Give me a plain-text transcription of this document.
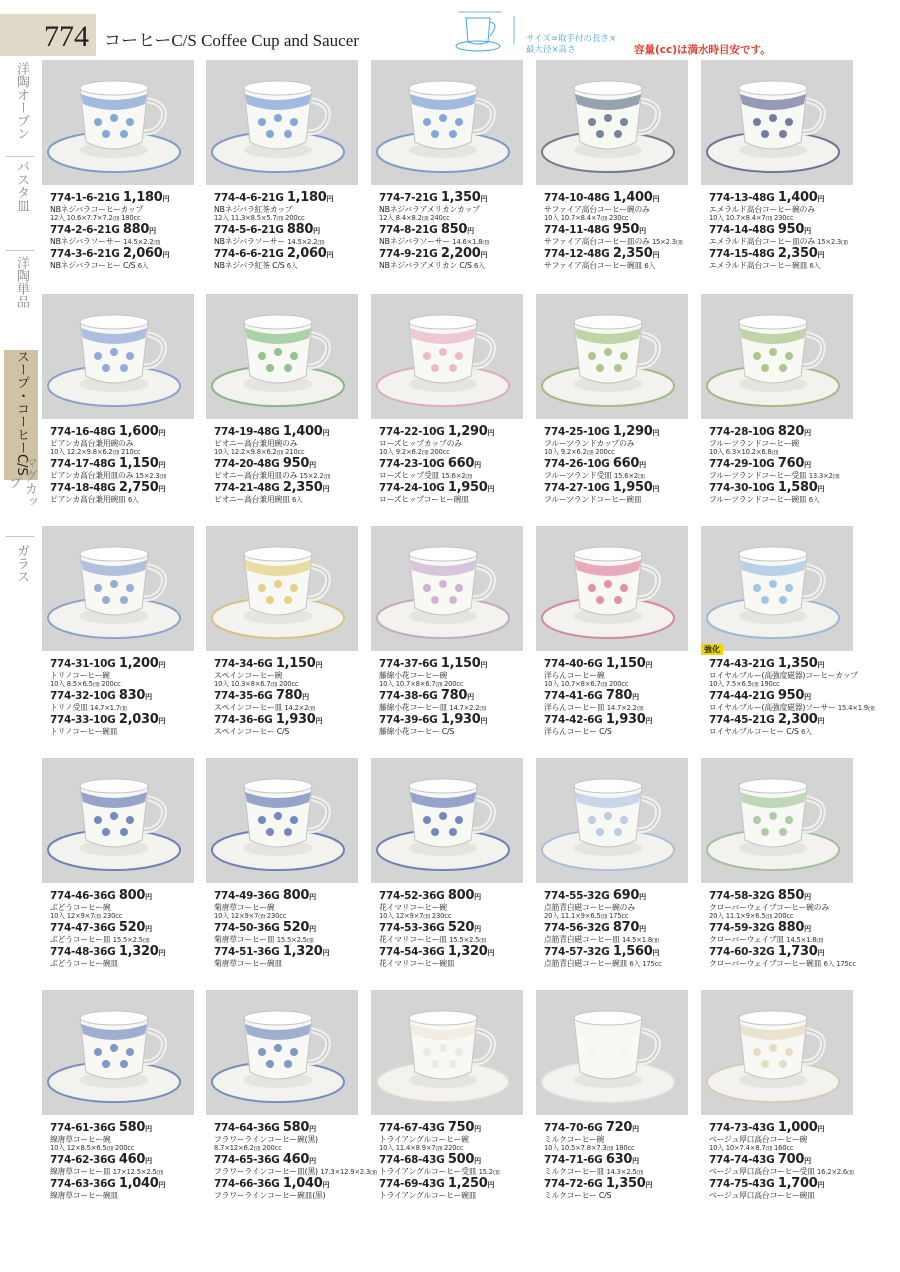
774 コーヒーC/S Coffee Cup and Saucer	サイズ=取手付の長さ×
最大径×高さ	容量(cc)は満水時目安です。
洋陶オーブン
パスタ皿
洋陶単品
スープ・コーヒーC/S
マグカップ
ガラス
774-1-6-21G 1,180円
NBネジバラコーヒーカップ
12入 10.6×7.7×7.2㎝ 180cc
774-2-6-21G 880円
NBネジバラソーサー 14.5×2.2㎝
774-3-6-21G 2,060円
NBネジバラコーヒー C/S 6入
774-4-6-21G 1,180円
NBネジバラ紅茶カップ
12入 11.3×8.5×5.7㎝ 200cc
774-5-6-21G 880円
NBネジバラソーサー 14.5×2.2㎝
774-6-6-21G 2,060円
NBネジバラ紅茶 C/S 6入
774-7-21G 1,350円
NBネジバラアメリカンカップ
12入 8.4×8.2㎝ 240cc
774-8-21G 850円
NBネジバラソーサー 14.6×1.8㎝
774-9-21G 2,200円
NBネジバラアメリカン C/S 6入
774-10-48G 1,400円
サファイア高台コーヒー碗のみ
10入 10.7×8.4×7㎝ 230cc
774-11-48G 950円
サファイア高台コーヒー皿のみ 15×2.3㎝
774-12-48G 2,350円
サファイア高台コーヒー碗皿 6入
774-13-48G 1,400円
エメラルド高台コーヒー碗のみ
10入 10.7×8.4×7㎝ 230cc
774-14-48G 950円
エメラルド高台コーヒー皿のみ 15×2.3㎝
774-15-48G 2,350円
エメラルド高台コーヒー碗皿 6入
774-16-48G 1,600円
ピアンカ高台兼用碗のみ
10入 12.2×9.8×6.2㎝ 210cc
774-17-48G 1,150円
ピアンカ高台兼用皿のみ 15×2.3㎝
774-18-48G 2,750円
ピアンカ高台兼用碗皿 6入
774-19-48G 1,400円
ピオニー高台兼用碗のみ
10入 12.2×9.8×6.2㎝ 210cc
774-20-48G 950円
ピオニー高台兼用皿のみ 15×2.2㎝
774-21-48G 2,350円
ピオニー高台兼用碗皿 6入
774-22-10G 1,290円
ローズヒップカップのみ
10入 9.2×6.2㎝ 200cc
774-23-10G 660円
ローズヒップ受皿 15.6×2㎝
774-24-10G 1,950円
ローズヒップコーヒー碗皿
774-25-10G 1,290円
フルーツランドカップのみ
10入 9.2×6.2㎝ 200cc
774-26-10G 660円
フルーツランド受皿 15.6×2㎝
774-27-10G 1,950円
フルーツランドコーヒー碗皿
774-28-10G 820円
フルーツランドコーヒー碗
10入 6.3×10.2×6.8㎝
774-29-10G 760円
フルーツランドコーヒー受皿 13.3×2㎝
774-30-10G 1,580円
フルーツランドコーヒー碗皿 6入
774-31-10G 1,200円
トリノコーヒー碗
10入 8.5×6.5㎝ 200cc
774-32-10G 830円
トリノ受皿 14.7×1.7㎝
774-33-10G 2,030円
トリノコーヒー碗皿
774-34-6G 1,150円
スペインコーヒー碗
10入 10.3×8×6.7㎝ 200cc
774-35-6G 780円
スペインコーヒー皿 14.2×2㎝
774-36-6G 1,930円
スペインコーヒー C/S
774-37-6G 1,150円
藤線小花コーヒー碗
10入 10.7×8×6.7㎝ 200cc
774-38-6G 780円
藤線小花コーヒー皿 14.7×2.2㎝
774-39-6G 1,930円
藤線小花コーヒー C/S
774-40-6G 1,150円
洋らんコーヒー碗
10入 10.7×8×6.7㎝ 200cc
774-41-6G 780円
洋らんコーヒー皿 14.7×2.2㎝
774-42-6G 1,930円
洋らんコーヒー C/S
強化
774-43-21G 1,350円
ロイヤルブルー(高強度磁器)コーヒーカップ
10入 7.5×6.5㎝ 190cc
774-44-21G 950円
ロイヤルブルー(高強度磁器)ソーサー 15.4×1.9㎝
774-45-21G 2,300円
ロイヤルブルコーヒー C/S 6入
774-46-36G 800円
ぶどうコーヒー碗
10入 12×9×7㎝ 230cc
774-47-36G 520円
ぶどうコーヒー皿 15.5×2.5㎝
774-48-36G 1,320円
ぶどうコーヒー碗皿
774-49-36G 800円
菊唐草コーヒー碗
10入 12×9×7㎝ 230cc
774-50-36G 520円
菊唐草コーヒー皿 15.5×2.5㎝
774-51-36G 1,320円
菊唐草コーヒー碗皿
774-52-36G 800円
花イマリコーヒー碗
10入 12×9×7㎝ 230cc
774-53-36G 520円
花イマリコーヒー皿 15.5×2.5㎝
774-54-36G 1,320円
花イマリコーヒー碗皿
774-55-32G 690円
点筋青白磁コーヒー碗のみ
20入 11.1×9×6.5㎝ 175cc
774-56-32G 870円
点筋青白磁コーヒー皿 14.5×1.8㎝
774-57-32G 1,560円
点筋青白磁コーヒー碗皿 6入 175cc
774-58-32G 850円
クローバーウェイブコーヒー碗のみ
20入 11.1×9×6.5㎝ 200cc
774-59-32G 880円
クローバーウェイブ皿 14.5×1.8㎝
774-60-32G 1,730円
クローバーウェイブコーヒー碗皿 6入 175cc
774-61-36G 580円
線唐草コーヒー碗
10入 12×8.5×6.5㎝ 200cc
774-62-36G 460円
線唐草コーヒー皿 17×12.5×2.5㎝
774-63-36G 1,040円
線唐草コーヒー碗皿
774-64-36G 580円
フラワーラインコーヒー碗(黒)
8.7×12×6.2㎝ 200cc
774-65-36G 460円
フラワーラインコーヒー皿(黒) 17.3×12.9×2.3㎝
774-66-36G 1,040円
フラワーラインコーヒー碗皿(黒)
774-67-43G 750円
トライアングルコーヒー碗
10入 11.4×8.9×7㎝ 220cc
774-68-43G 500円
トライアングルコーヒー受皿 15.2㎝
774-69-43G 1,250円
トライアングルコーヒー碗皿
774-70-6G 720円
ミルクコーヒー碗
10入 10.5×7.8×7.3㎝ 180cc
774-71-6G 630円
ミルクコーヒー皿 14.3×2.5㎝
774-72-6G 1,350円
ミルクコーヒー C/S
774-73-43G 1,000円
ベージュ厚口高台コーヒー碗
10入 10×7.4×8.7㎝ 160cc
774-74-43G 700円
ベージュ厚口高台コーヒー受皿 16.2×2.6㎝
774-75-43G 1,700円
ベージュ厚口高台コーヒー碗皿
